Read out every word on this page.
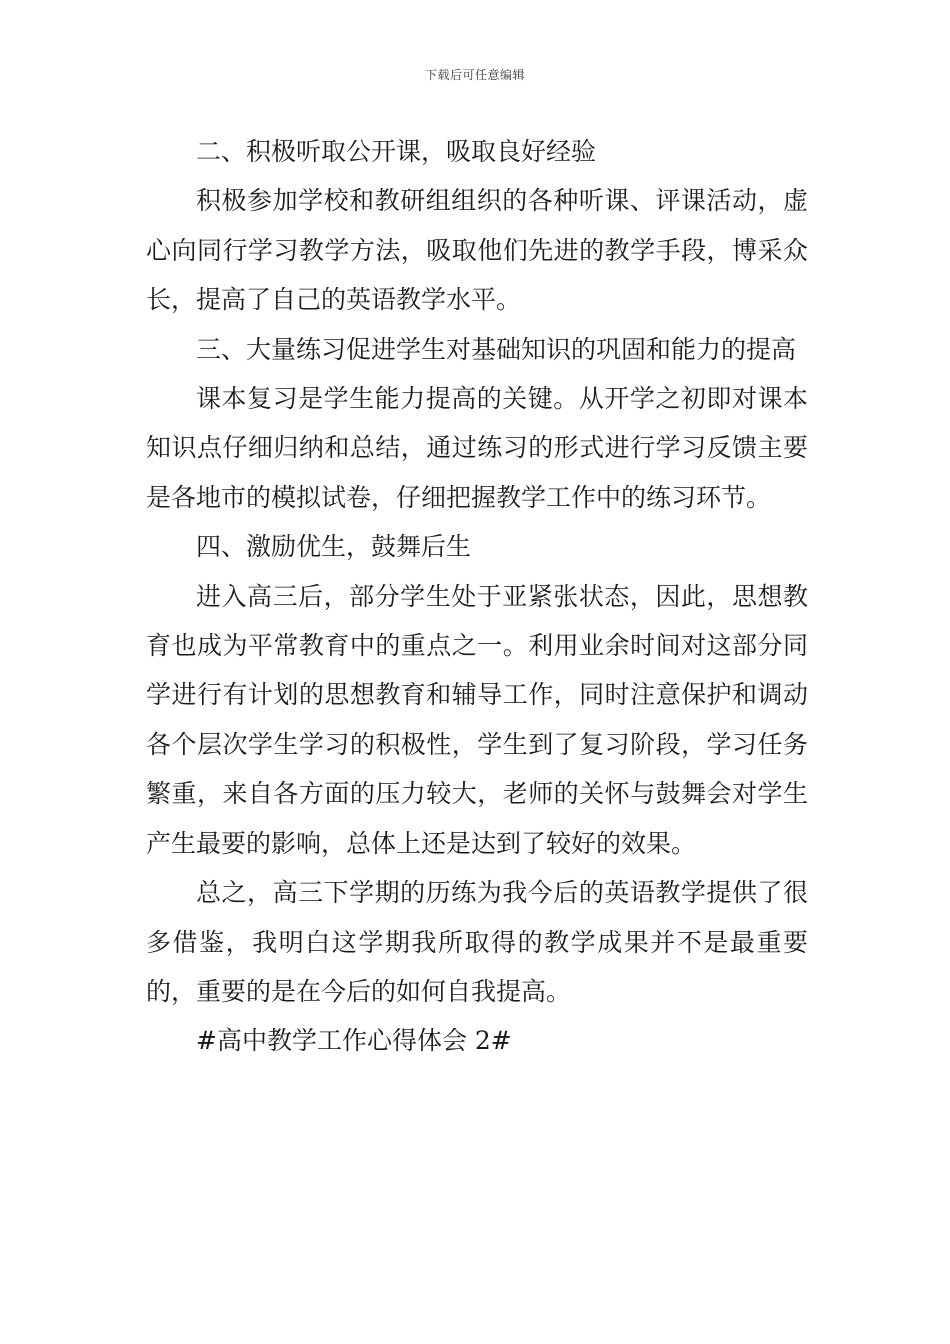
下载后可任意编辑

二、积极听取公开课，吸取良好经验

积极参加学校和教研组组织的各种听课、评课活动，虚心向同行学习教学方法，吸取他们先进的教学手段，博采众长，提高了自己的英语教学水平。

三、大量练习促进学生对基础知识的巩固和能力的提高

课本复习是学生能力提高的关键。从开学之初即对课本知识点仔细归纳和总结，通过练习的形式进行学习反馈主要是各地市的模拟试卷，仔细把握教学工作中的练习环节。

四、激励优生，鼓舞后生

进入高三后，部分学生处于亚紧张状态，因此，思想教育也成为平常教育中的重点之一。利用业余时间对这部分同学进行有计划的思想教育和辅导工作，同时注意保护和调动各个层次学生学习的积极性，学生到了复习阶段，学习任务繁重，来自各方面的压力较大，老师的关怀与鼓舞会对学生产生最要的影响，总体上还是达到了较好的效果。

总之，高三下学期的历练为我今后的英语教学提供了很多借鉴，我明白这学期我所取得的教学成果并不是最重要的，重要的是在今后的如何自我提高。

#高中教学工作心得体会 2#
